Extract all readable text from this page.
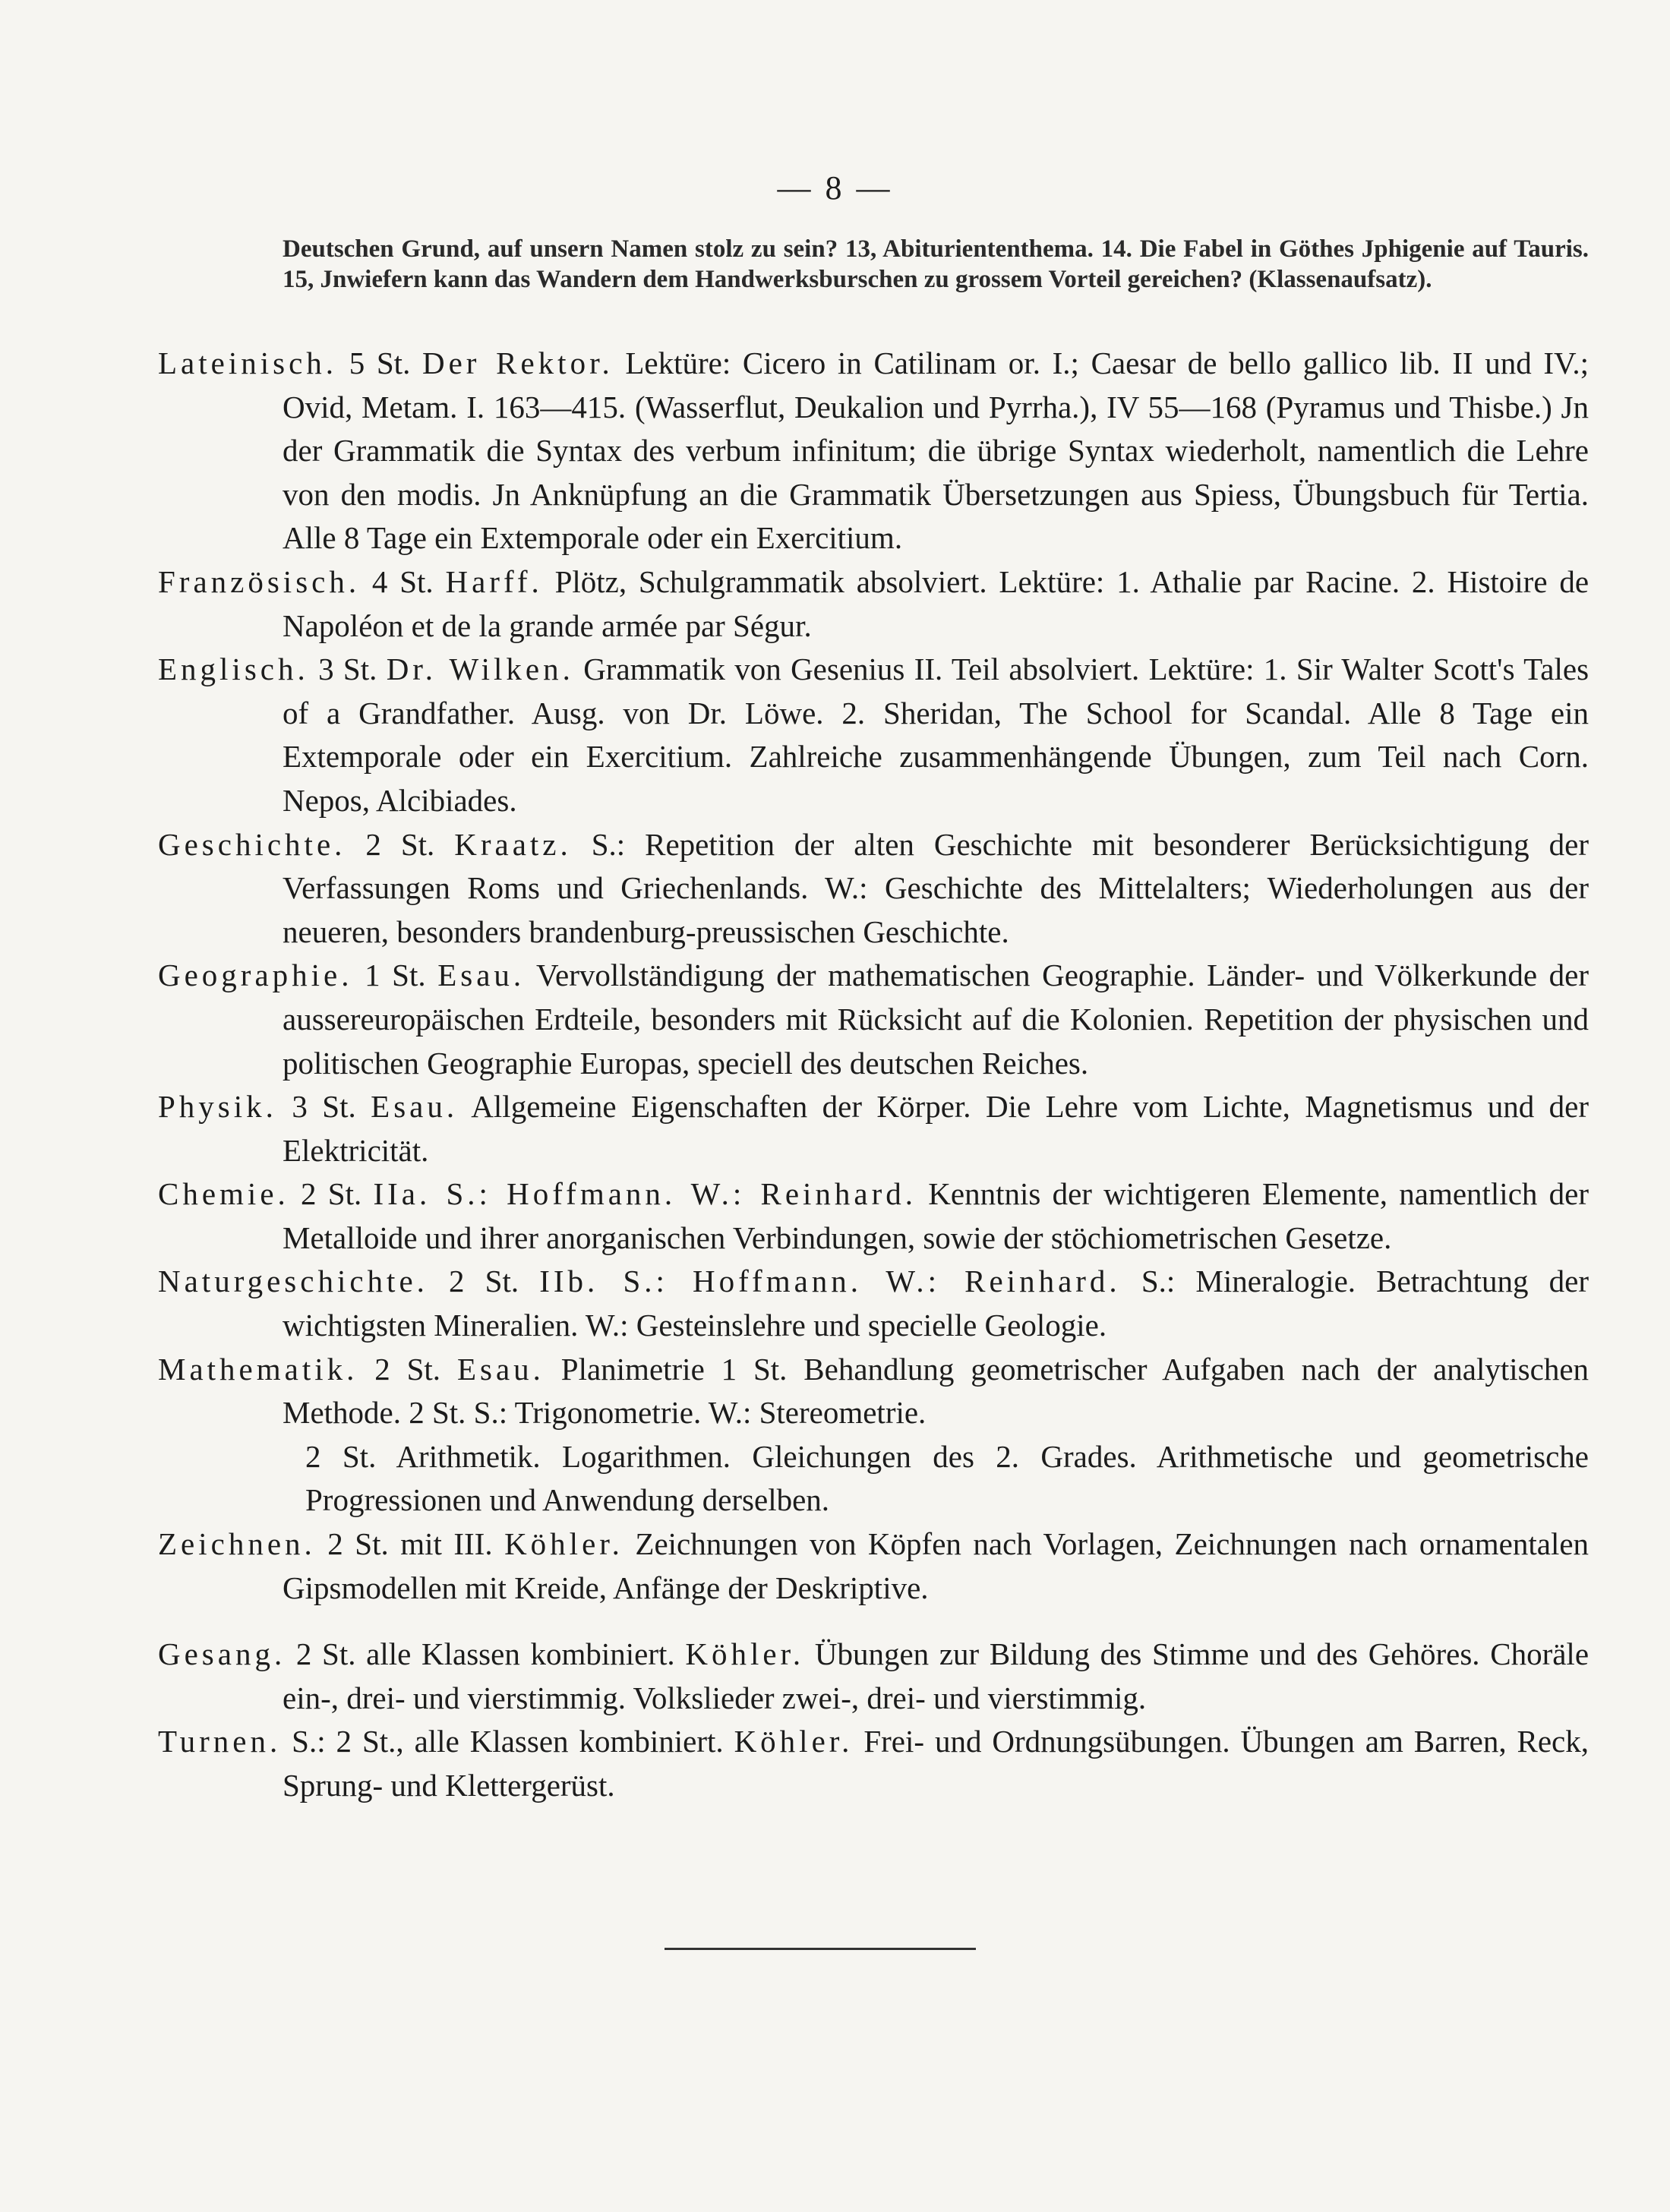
— 8 —
Deutschen Grund, auf unsern Namen stolz zu sein? 13, Abituriententhema. 14. Die Fabel in Göthes Jphigenie auf Tauris. 15, Jnwiefern kann das Wandern dem Handwerksburschen zu grossem Vorteil gereichen? (Klassenaufsatz).

Lateinisch. 5 St. Der Rektor. Lektüre: Cicero in Catilinam or. I.; Caesar de bello gallico lib. II und IV.; Ovid, Metam. I. 163—415. (Wasserflut, Deukalion und Pyrrha.), IV 55—168 (Pyramus und Thisbe.) Jn der Grammatik die Syntax des verbum infinitum; die übrige Syntax wiederholt, namentlich die Lehre von den modis. Jn Anknüpfung an die Grammatik Übersetzungen aus Spiess, Übungsbuch für Tertia. Alle 8 Tage ein Extemporale oder ein Exercitium.

Französisch. 4 St. Harff. Plötz, Schulgrammatik absolviert. Lektüre: 1. Athalie par Racine. 2. Histoire de Napoléon et de la grande armée par Ségur.

Englisch. 3 St. Dr. Wilken. Grammatik von Gesenius II. Teil absolviert. Lektüre: 1. Sir Walter Scott's Tales of a Grandfather. Ausg. von Dr. Löwe. 2. Sheridan, The School for Scandal. Alle 8 Tage ein Extemporale oder ein Exercitium. Zahlreiche zusammenhängende Übungen, zum Teil nach Corn. Nepos, Alcibiades.

Geschichte. 2 St. Kraatz. S.: Repetition der alten Geschichte mit besonderer Berücksichtigung der Verfassungen Roms und Griechenlands. W.: Geschichte des Mittelalters; Wiederholungen aus der neueren, besonders brandenburg-preussischen Geschichte.

Geographie. 1 St. Esau. Vervollständigung der mathematischen Geographie. Länder- und Völkerkunde der aussereuropäischen Erdteile, besonders mit Rücksicht auf die Kolonien. Repetition der physischen und politischen Geographie Europas, speciell des deutschen Reiches.

Physik. 3 St. Esau. Allgemeine Eigenschaften der Körper. Die Lehre vom Lichte, Magnetismus und der Elektricität.

Chemie. 2 St. IIa. S.: Hoffmann. W.: Reinhard. Kenntnis der wichtigeren Elemente, namentlich der Metalloide und ihrer anorganischen Verbindungen, sowie der stöchiometrischen Gesetze.

Naturgeschichte. 2 St. IIb. S.: Hoffmann. W.: Reinhard. S.: Mineralogie. Betrachtung der wichtigsten Mineralien. W.: Gesteinslehre und specielle Geologie.

Mathematik. 2 St. Esau. Planimetrie 1 St. Behandlung geometrischer Aufgaben nach der analytischen Methode. 2 St. S.: Trigonometrie. W.: Stereometrie.
2 St. Arithmetik. Logarithmen. Gleichungen des 2. Grades. Arithmetische und geometrische Progressionen und Anwendung derselben.

Zeichnen. 2 St. mit III. Köhler. Zeichnungen von Köpfen nach Vorlagen, Zeichnungen nach ornamentalen Gipsmodellen mit Kreide, Anfänge der Deskriptive.

Gesang. 2 St. alle Klassen kombiniert. Köhler. Übungen zur Bildung des Stimme und des Gehöres. Choräle ein-, drei- und vierstimmig. Volkslieder zwei-, drei- und vierstimmig.

Turnen. S.: 2 St., alle Klassen kombiniert. Köhler. Frei- und Ordnungsübungen. Übungen am Barren, Reck, Sprung- und Klettergerüst.
